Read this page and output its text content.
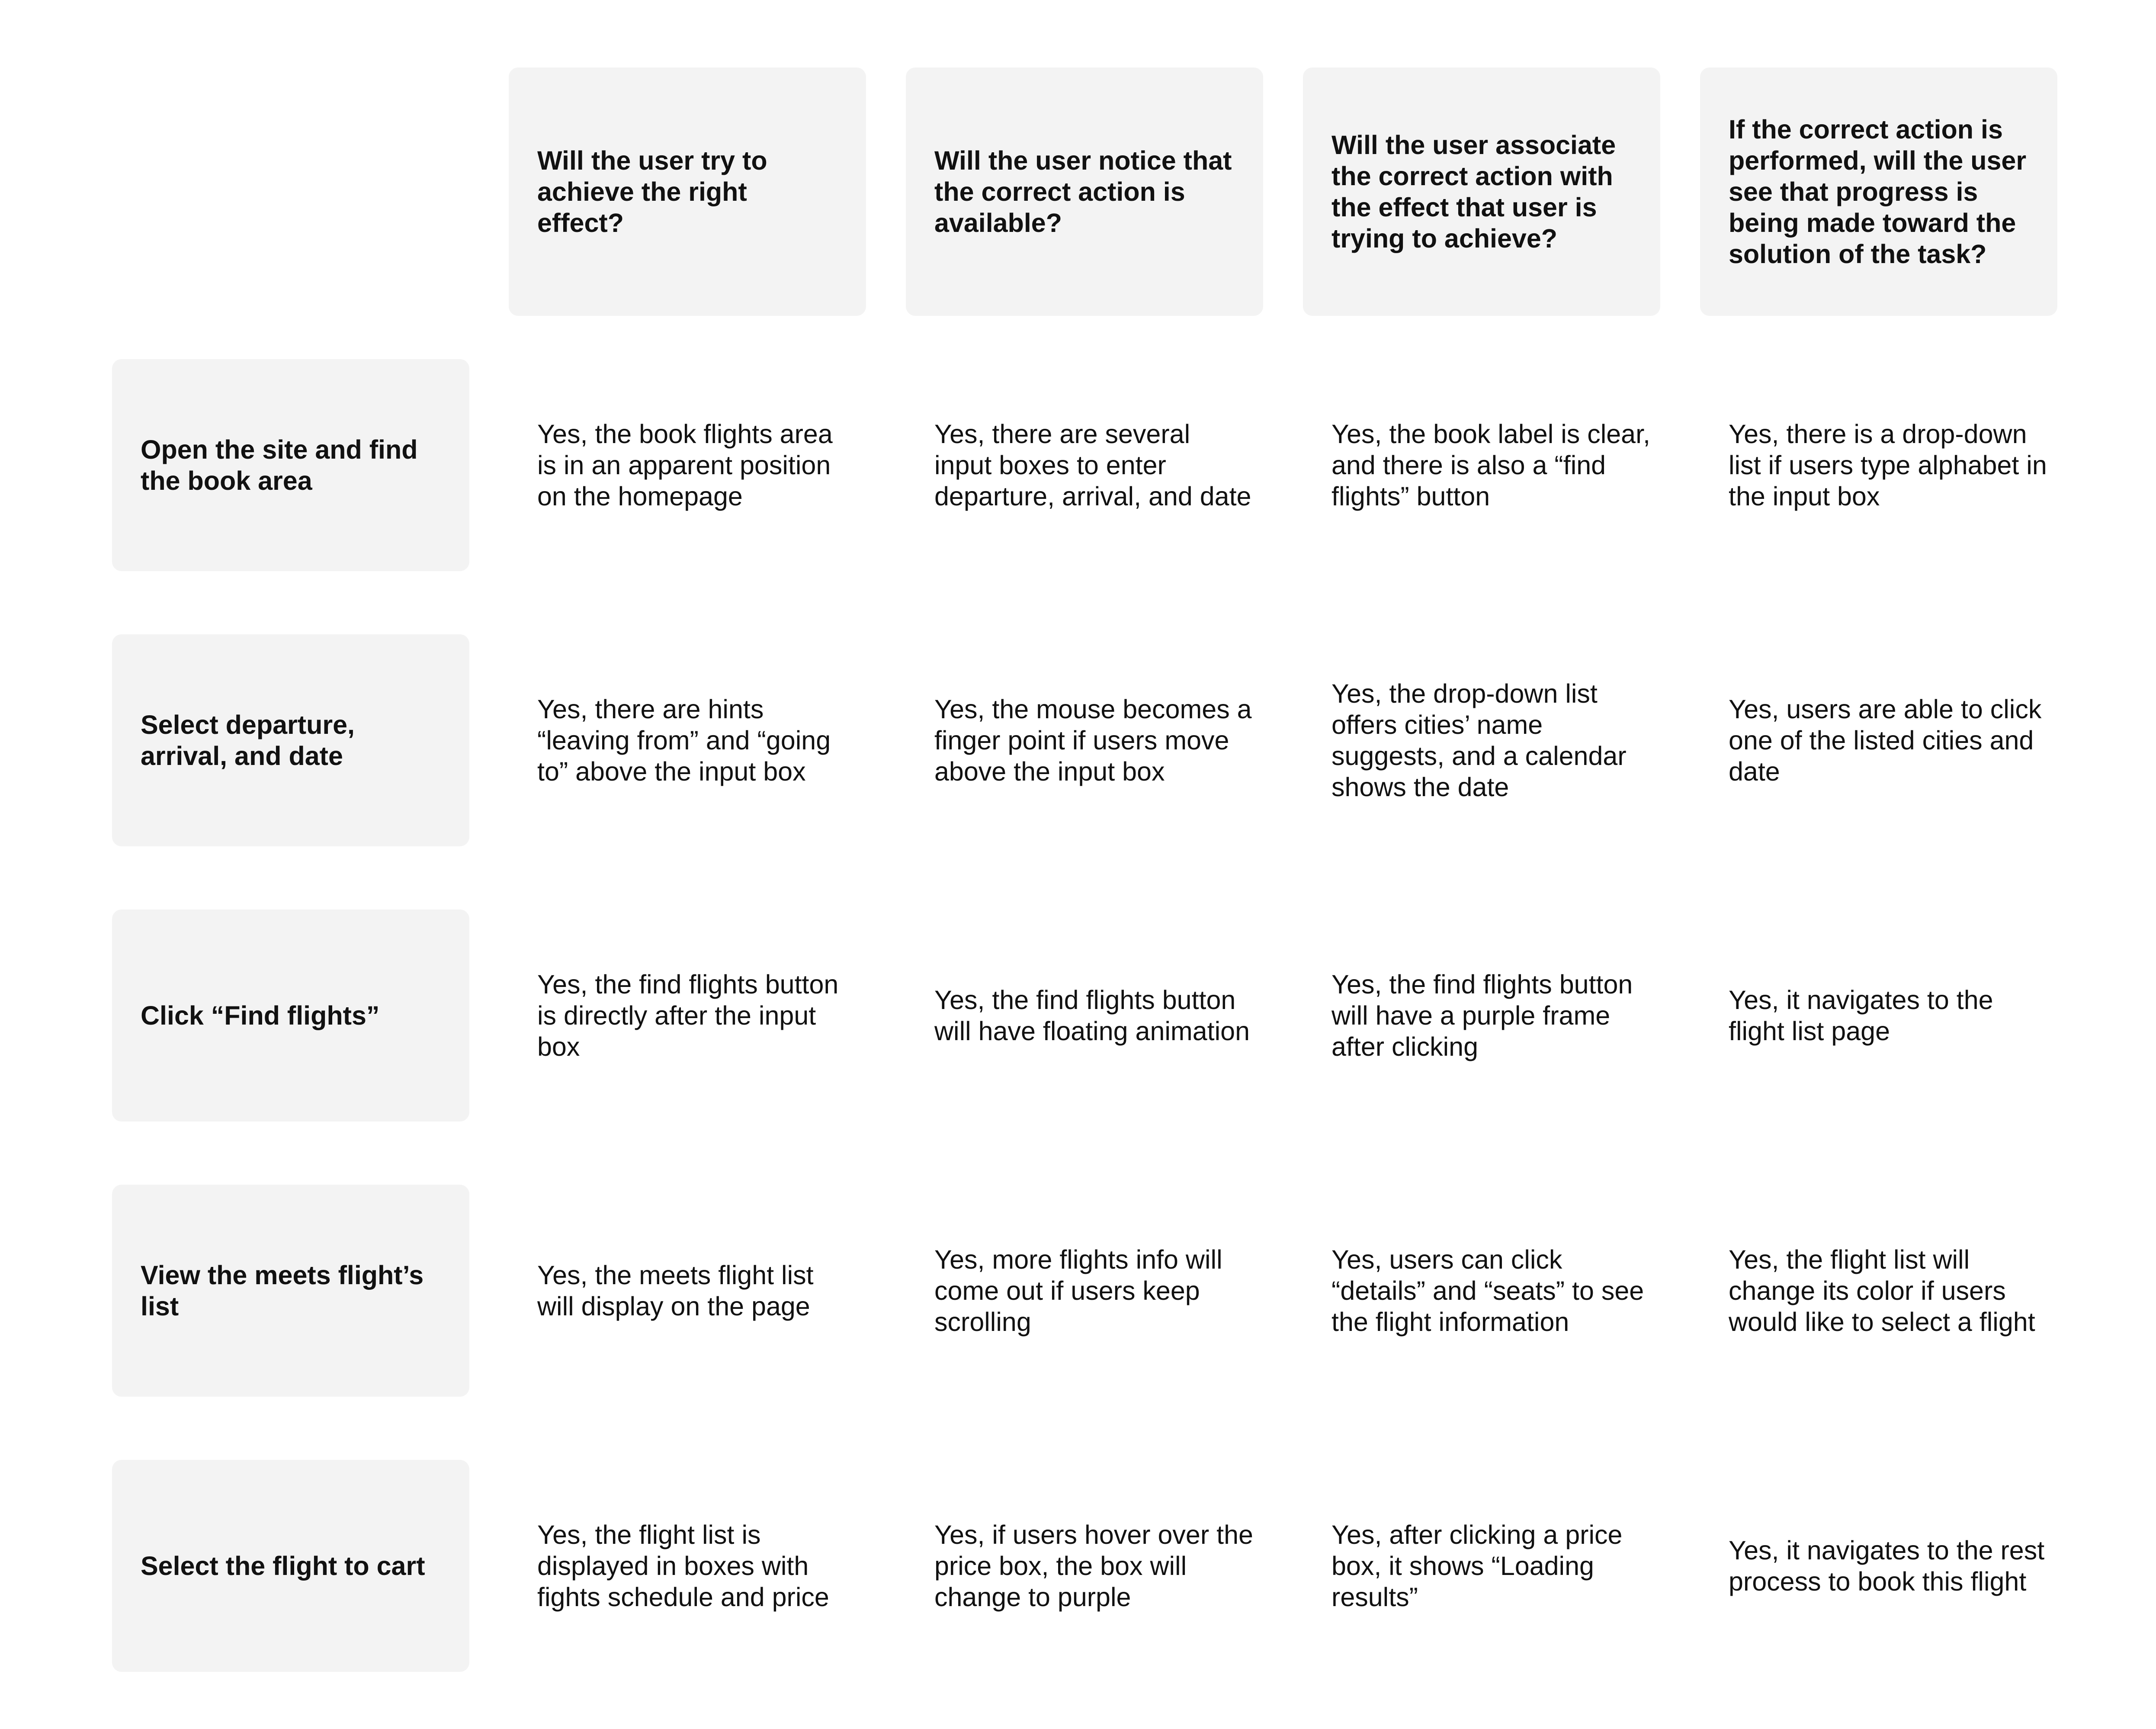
Will the user try to achieve the right effect?

Will the user notice that the correct action is available?

Will the user associate the correct action with the effect that user is trying to achieve?

If the correct action is performed, will the user see that progress is being made toward the solution of the task?

Open the site and find the book area

Yes, the book flights area is in an apparent position on the homepage
Yes, there are several input boxes to enter departure, arrival, and date
Yes, the book label is clear, and there is also a “find flights” button
Yes, there is a drop-down list if users type alphabet in the input box

Select departure, arrival, and date

Yes, there are hints “leaving from” and “going to” above the input box
Yes, the mouse becomes a finger point if users move above the input box
Yes, the drop-down list offers cities’ name suggests, and a calendar shows the date
Yes, users are able to click one of the listed cities and date

Click “Find flights”

Yes, the find flights button is directly after the input box
Yes, the find flights button will have floating animation
Yes, the find flights button will have a purple frame after clicking
Yes, it navigates to the flight list page

View the meets flight’s list

Yes, the meets flight list will display on the page
Yes, more flights info will come out if users keep scrolling
Yes, users can click “details” and “seats” to see the flight information
Yes, the flight list will change its color if users would like to select a flight

Select the flight to cart

Yes, the flight list is displayed in boxes with fights schedule and price
Yes, if users hover over the price box, the box will change to purple
Yes, after clicking a price box, it shows “Loading results”
Yes, it navigates to the rest process to book this flight
